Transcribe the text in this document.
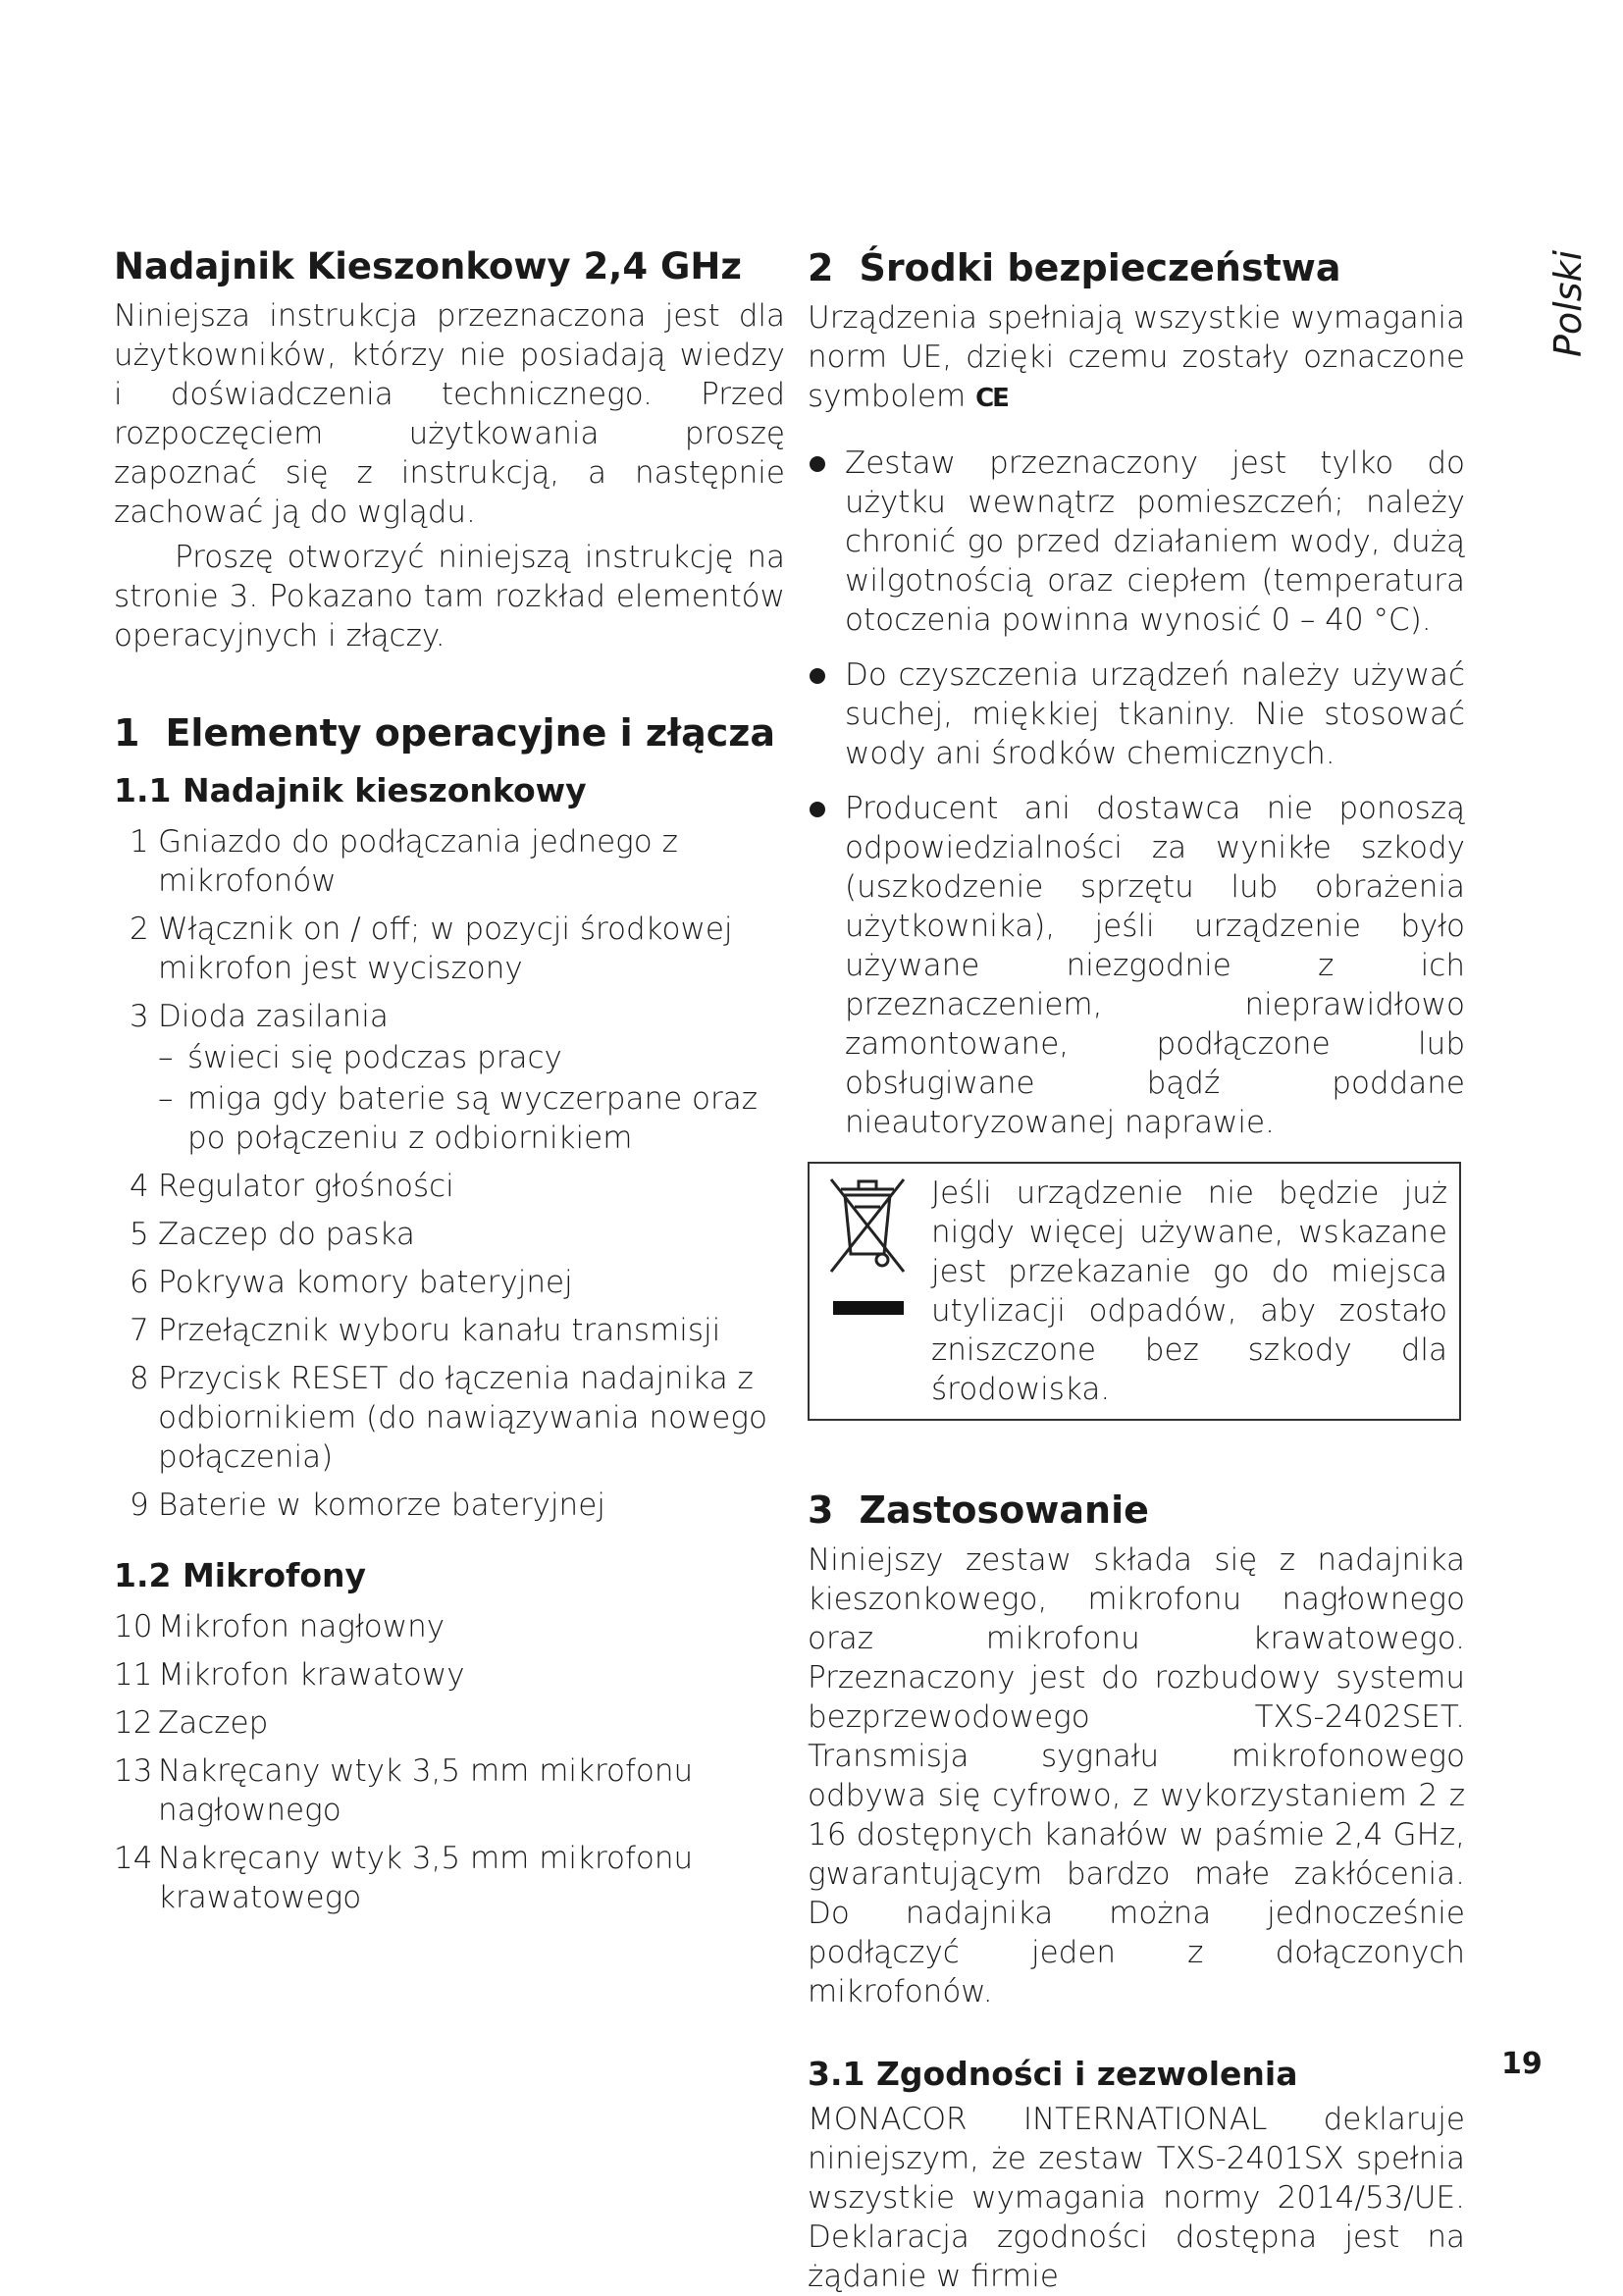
Nadajnik Kieszonkowy 2,4 GHz

Niniejsza instrukcja przeznaczona jest dla użytkowników, którzy nie posiadają wiedzy i doświadczenia technicznego. Przed rozpoczęciem użytkowania proszę zapoznać się z instrukcją, a następnie zachować ją do wglądu.

Proszę otworzyć niniejszą instrukcję na stronie 3. Pokazano tam rozkład elementów operacyjnych i złączy.

1 Elementy operacyjne i złącza
1.1 Nadajnik kieszonkowy
1 Gniazdo do podłączania jednego z mikrofonów
2 Włącznik on / off; w pozycji środkowej mikrofon jest wyciszony
3 Dioda zasilania
– świeci się podczas pracy
– miga gdy baterie są wyczerpane oraz po połączeniu z odbiornikiem
4 Regulator głośności
5 Zaczep do paska
6 Pokrywa komory bateryjnej
7 Przełącznik wyboru kanału transmisji
8 Przycisk RESET do łączenia nadajnika z odbiornikiem (do nawiązywania nowego połączenia)
9 Baterie w komorze bateryjnej
1.2 Mikrofony
10 Mikrofon nagłowny
11 Mikrofon krawatowy
12 Zaczep
13 Nakręcany wtyk 3,5 mm mikrofonu nagłownego
14 Nakręcany wtyk 3,5 mm mikrofonu krawatowego
2 Środki bezpieczeństwa

Urządzenia spełniają wszystkie wymagania norm UE, dzięki czemu zostały oznaczone symbolem CE

Zestaw przeznaczony jest tylko do użytku wewnątrz pomieszczeń; należy chronić go przed działaniem wody, dużą wilgotnością oraz ciepłem (temperatura otoczenia powinna wynosić 0 – 40 °C).
Do czyszczenia urządzeń należy używać suchej, miękkiej tkaniny. Nie stosować wody ani środków chemicznych.
Producent ani dostawca nie ponoszą odpowiedzialności za wynikłe szkody (uszkodzenie sprzętu lub obrażenia użytkownika), jeśli urządzenie było używane niezgodnie z ich przeznaczeniem, nieprawidłowo zamontowane, podłączone lub obsługiwane bądź poddane nieautoryzowanej naprawie.
Jeśli urządzenie nie będzie już nigdy więcej używane, wskazane jest przekazanie go do miejsca utylizacji odpadów, aby zostało zniszczone bez szkody dla środowiska.
3 Zastosowanie

Niniejszy zestaw składa się z nadajnika kieszonkowego, mikrofonu nagłownego oraz mikrofonu krawatowego. Przeznaczony jest do rozbudowy systemu bezprzewodowego TXS-2402SET. Transmisja sygnału mikrofonowego odbywa się cyfrowo, z wykorzystaniem 2 z 16 dostępnych kanałów w paśmie 2,4 GHz, gwarantującym bardzo małe zakłócenia. Do nadajnika można jednocześnie podłączyć jeden z dołączonych mikrofonów.

3.1 Zgodności i zezwolenia

MONACOR INTERNATIONAL deklaruje niniejszym, że zestaw TXS-2401SX spełnia wszystkie wymagania normy 2014/53/UE. Deklaracja zgodności dostępna jest na żądanie w firmie

Polski
19
